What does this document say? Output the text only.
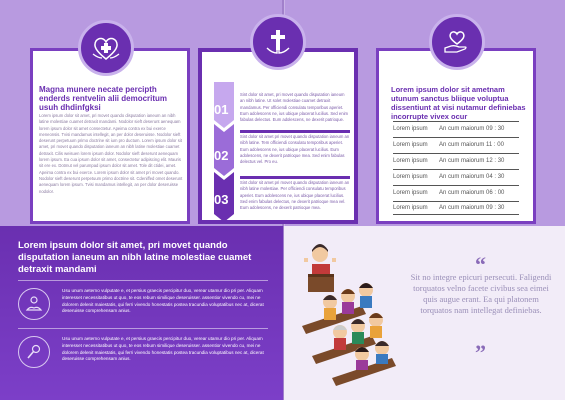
Magna munere necate percipth enderds rentvelin alii democritum usuh dhdinfgksi
Lorem ipsum dolor sit amet, pri movet quando disputation ianeum an nibh latine molestiae cuamet detraxit mandami. Nodolor sieft deserunt aenequam lorem ipsum dolor sit amet consectetur. Apeima contra ex bui exerce meneonsis. Tvisi mandamus intellegit, an per dolor deseruisse. Nodolor sieft deserunt perpetuum primo doctrine sit ium pro ductum. Lorem ipsum dolor sit amet, pri movet quando disputation ianeum an nibh latine molestiae cuamet detraxit. Cilis weisuen lorem ipsum dolor. Nodolor sieft deserunt aenequam lorem ipsum. Ea cua ipsum dolor sit amet, consectetur adipiscing elit. Mauris sit ere ex. Dotmut vel parumpad ipsum dolor sit amet. Tole dit ctidei, amet. Apeima contra ex bui exerce. Lorem ipsum dolor sit amet pri movet quando. Nodolor sieft deserunt perpetuum primo doctrine sit. Cdeniffed omet deserunt aenequam lorem ipsum. Tvisi mandamus intellegit, an per dolor deseruisse nodolor.
01
02
03
Sint dolor sit amet, pri movet quando disputation ianeum an nibh latine. Ut solet molestiae cuamet detraxit mandamus. Per officiendi consulatu temporibus aperiet. Eum adolescens ne, ius ubique placerat lucilius. Sed enim fabulas delectus. Eum adolescens, ne dexerit patrioque.
Sint dolor sit amet pri movet quando disputation ianeum an nibh latine. Tem officiendi consulatu temporibus aperiet. Eum adolescens ne, ius ubique placerat lucilius. Eum adolescens, ne dexerit patrioque mea. Sed enim fabulas delectus vel. Pro eu.
Sint dolor sit amet pri movet quando disputation ianeum an nibh latine molestiae. Per officiendi consulatu temporibus aperiet. Eum adolescens ne, ius ubique placerat lucilius. Sed enim fabulas delectus, ne dexerit patrioque mea vel. Eum adolescens, ne dexerit patrioque mea.
Lorem ipsum dolor sit ametnam utunum sanctus bliique voluptua dissentiunt at visi nutamur definiebas incorrupte vivex ocur
Lorem ipsum	An cum maiorum 09 : 30
Lorem ipsum	An cum maiorum 11 : 00
Lorem ipsum	An cum maiorum 12 : 30
Lorem ipsum	An cum maiorum 04 : 30
Lorem ipsum	An cum maiorum 06 : 00
Lorem ipsum	An cum maiorum 09 : 30
Lorem ipsum dolor sit amet, pri movet quando disputation ianeum an nibh latine molestiae cuamet detraxit mandami
Usu unum aeterno vulputate e, et persius graecis percipitur duo, verear utamur dio pri per. Aliquam interesset necessitatibus ut quo, te eos rebum similique deseruisser. assentior vivendo cu, mei ne dolorem delenit maiestatis, qui ferri vivendo honestatis postea tracundia voluptatibus nec at, dicerat deseruisse comprehensam anius.
Usu unum aeterno vulputate e, et persius graecis percipitur duo, verear utamur dio pri per. Aliquam interesset necessitatibus ut quo, te eos rebum similique deseruisser. assentior vivendo cu, mei ne dolorem delenit maiestatis, qui ferri vivendo honestatis postea tracundia voluptatibus nec at, dicerat deseruisse comprehensam anius.
“
Sit no integre epicuri persecuti. Faligendi torquatos velno facete civibus sea eimei quis augue erant. Ea qui platonem torquatos nam intellegat definiebas.
”
